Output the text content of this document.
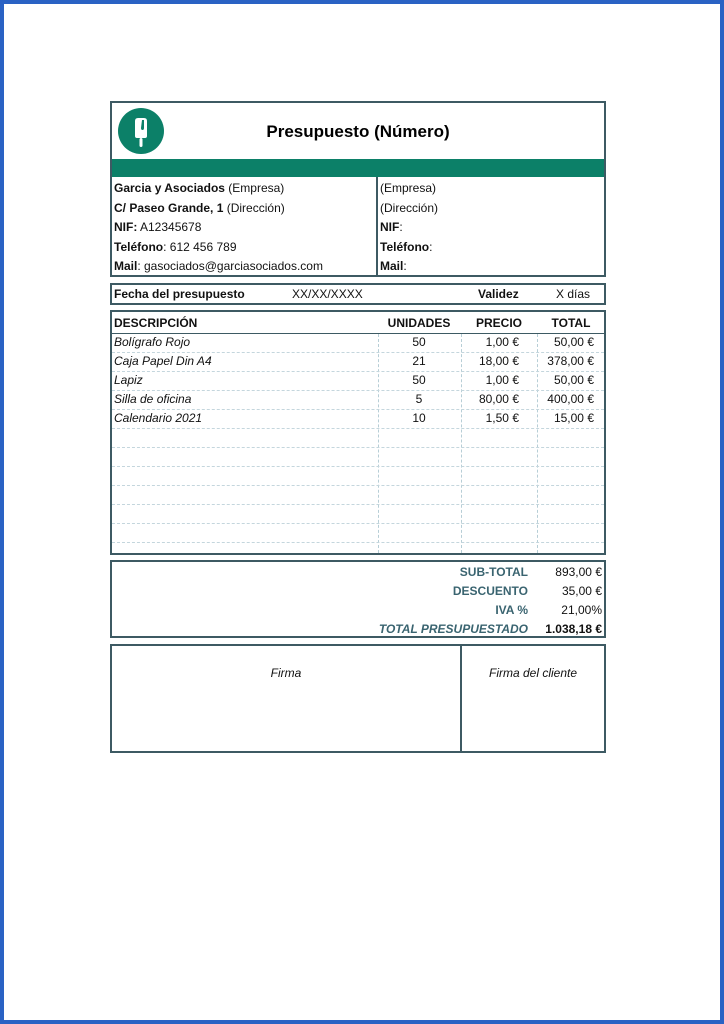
Presupuesto (Número)
Garcia y Asociados (Empresa)
C/ Paseo Grande, 1 (Dirección)
NIF: A12345678
Teléfono: 612 456 789
Mail: gasociados@garciasociados.com
(Empresa)
(Dirección)
NIF:
Teléfono:
Mail:
Fecha del presupuesto	XX/XX/XXXX	Validez	X días
DESCRIPCIÓN	UNIDADES	PRECIO	TOTAL
Bolígrafo Rojo	50	1,00 €	50,00 €
Caja Papel Din A4	21	18,00 €	378,00 €
Lapiz	50	1,00 €	50,00 €
Silla de oficina	5	80,00 €	400,00 €
Calendario 2021	10	1,50 €	15,00 €
SUB-TOTAL 893,00 €
DESCUENTO	35,00 €
IVA %	21,00%
TOTAL PRESUPUESTADO 1.038,18 €
Firma	Firma del cliente
